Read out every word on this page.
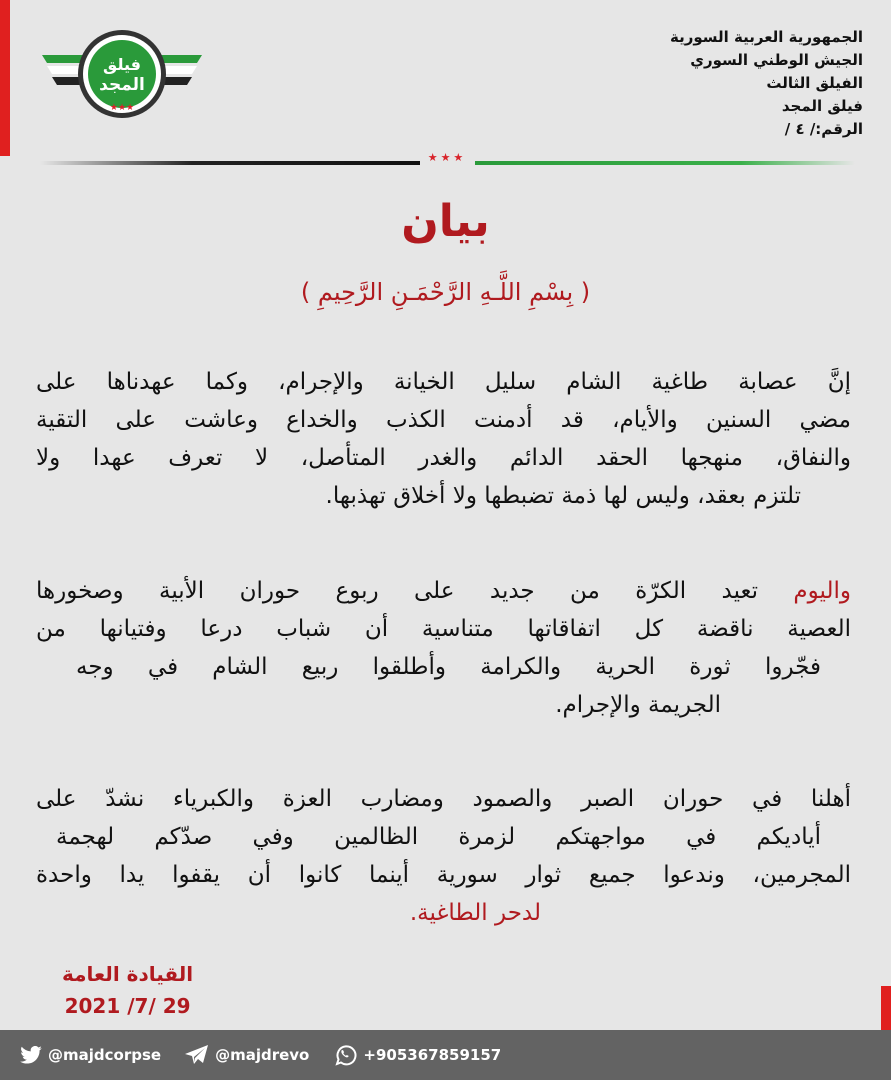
الجمهورية العربية السورية
الجيش الوطني السوري
الفيلق الثالث
فيلق المجد
الرقم:/ ٤ /
فيلق
المجد
★★★
★★★
بيان
( بِسْمِ اللَّـهِ الرَّحْمَـنِ الرَّحِيمِ )
إنَّ عصابة طاغية الشام سليل الخيانة والإجرام، وكما عهدناها على
مضي السنين والأيام، قد أدمنت الكذب والخداع وعاشت على التقية
والنفاق، منهجها الحقد الدائم والغدر المتأصل، لا تعرف عهدا ولا
تلتزم بعقد، وليس لها ذمة تضبطها ولا أخلاق تهذبها.
واليوم تعيد الكرّة من جديد على ربوع حوران الأبية وصخورها
العصية ناقضة كل اتفاقاتها متناسية أن شباب درعا وفتيانها من
فجّروا ثورة الحرية والكرامة وأطلقوا ربيع الشام في وجه
الجريمة والإجرام.
أهلنا في حوران الصبر والصمود ومضارب العزة والكبرياء نشدّ على
أياديكم في مواجهتكم لزمرة الظالمين وفي صدّكم لهجمة
المجرمين، وندعوا جميع ثوار سورية أينما كانوا أن يقفوا يدا واحدة
لدحر الطاغية.
القيادة العامة
2021 /7/ 29
@majdcorpse	@majdrevo	+905367859157
